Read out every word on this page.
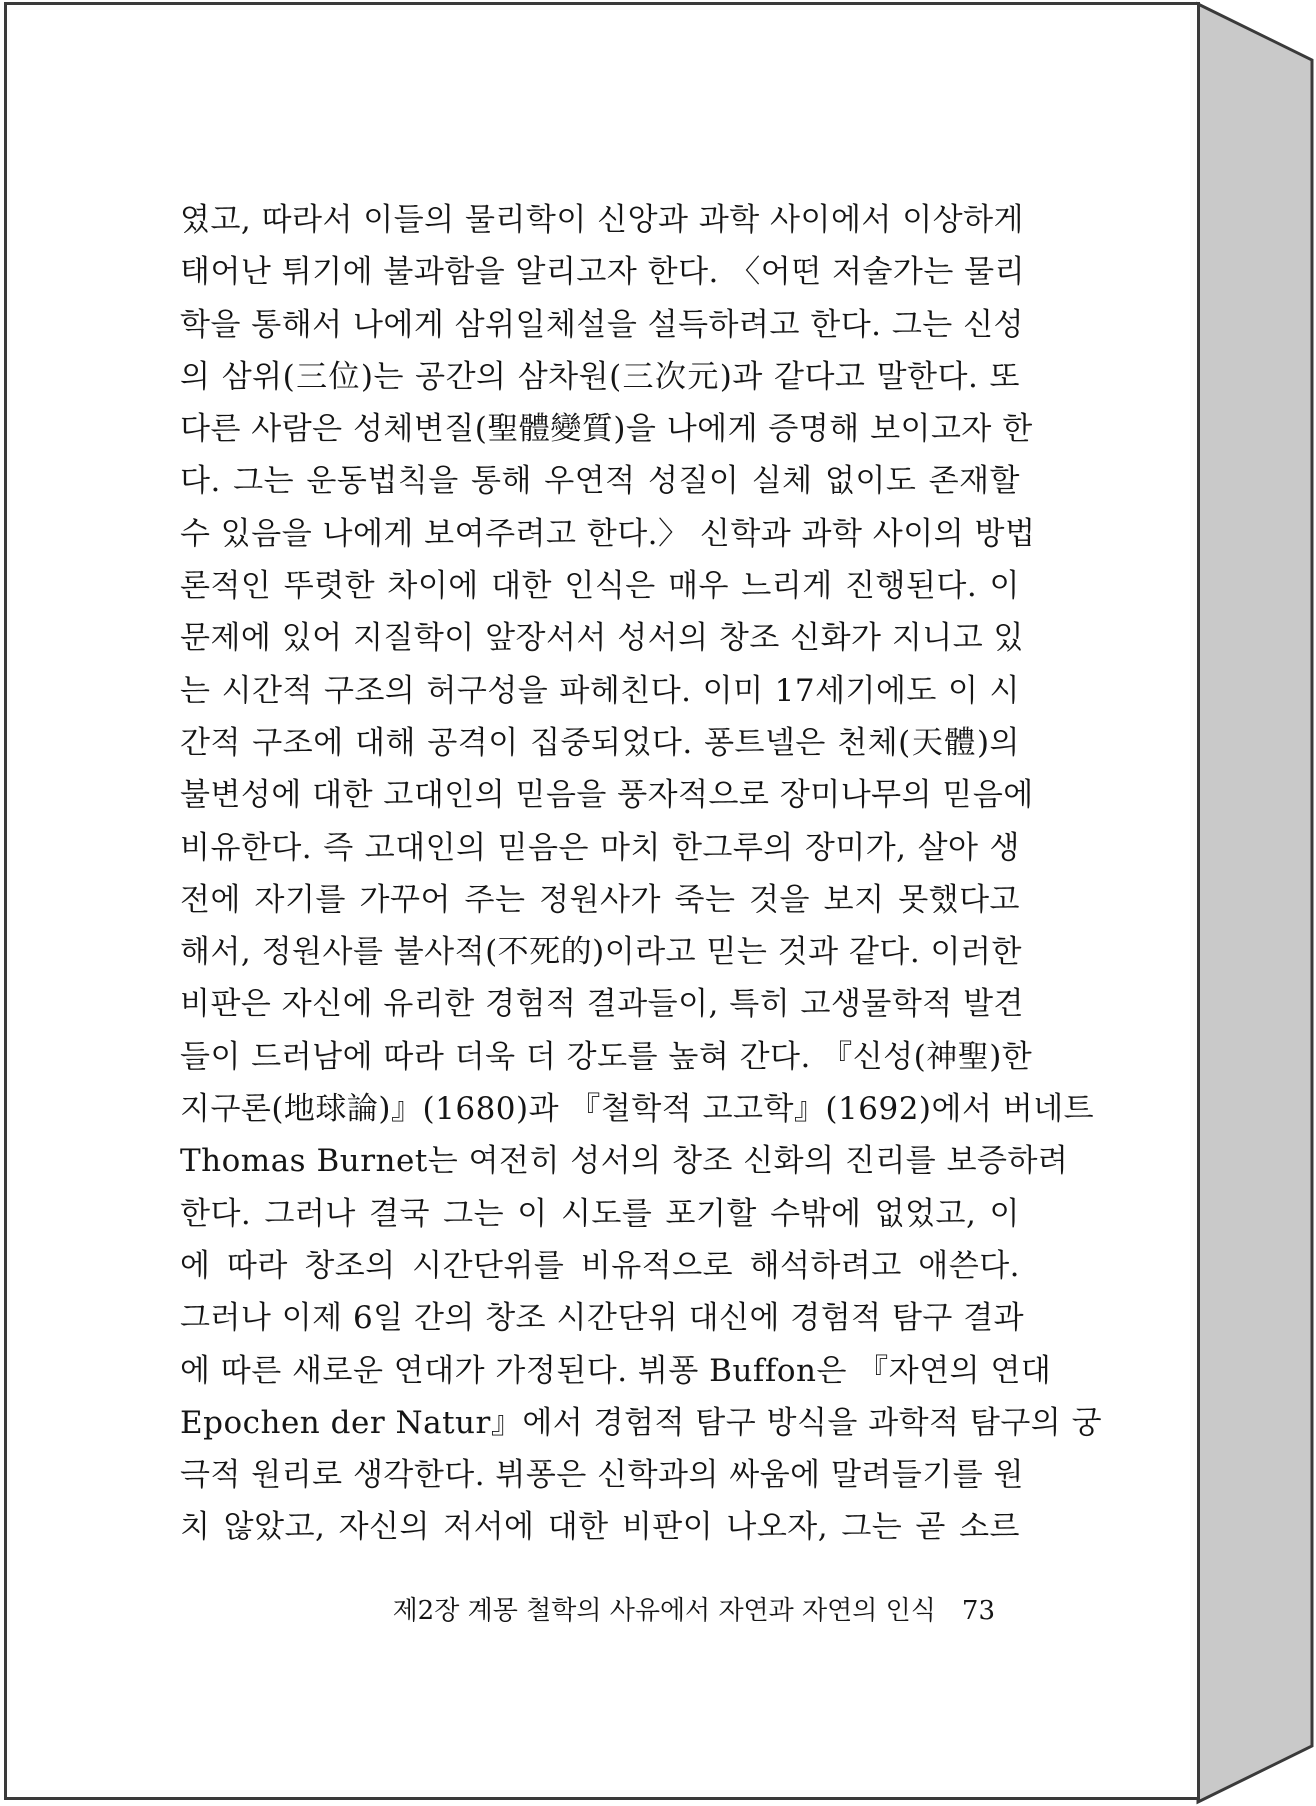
였고, 따라서 이들의 물리학이 신앙과 과학 사이에서 이상하게
태어난 튀기에 불과함을 알리고자 한다. 〈어떤 저술가는 물리
학을 통해서 나에게 삼위일체설을 설득하려고 한다. 그는 신성
의 삼위(三位)는 공간의 삼차원(三次元)과 같다고 말한다. 또
다른 사람은 성체변질(聖體變質)을 나에게 증명해 보이고자 한
다. 그는 운동법칙을 통해 우연적 성질이 실체 없이도 존재할
수 있음을 나에게 보여주려고 한다.〉 신학과 과학 사이의 방법
론적인 뚜렷한 차이에 대한 인식은 매우 느리게 진행된다. 이
문제에 있어 지질학이 앞장서서 성서의 창조 신화가 지니고 있
는 시간적 구조의 허구성을 파헤친다. 이미 17세기에도 이 시
간적 구조에 대해 공격이 집중되었다. 퐁트넬은 천체(天體)의
불변성에 대한 고대인의 믿음을 풍자적으로 장미나무의 믿음에
비유한다. 즉 고대인의 믿음은 마치 한그루의 장미가, 살아 생
전에 자기를 가꾸어 주는 정원사가 죽는 것을 보지 못했다고
해서, 정원사를 불사적(不死的)이라고 믿는 것과 같다. 이러한
비판은 자신에 유리한 경험적 결과들이, 특히 고생물학적 발견
들이 드러남에 따라 더욱 더 강도를 높혀 간다. 『신성(神聖)한
지구론(地球論)』(1680)과 『철학적 고고학』(1692)에서 버네트
Thomas Burnet는 여전히 성서의 창조 신화의 진리를 보증하려
한다. 그러나 결국 그는 이 시도를 포기할 수밖에 없었고, 이
에 따라 창조의 시간단위를 비유적으로 해석하려고 애쓴다.
그러나 이제 6일 간의 창조 시간단위 대신에 경험적 탐구 결과
에 따른 새로운 연대가 가정된다. 뷔퐁 Buffon은 『자연의 연대
Epochen der Natur』에서 경험적 탐구 방식을 과학적 탐구의 궁
극적 원리로 생각한다. 뷔퐁은 신학과의 싸움에 말려들기를 원
치 않았고, 자신의 저서에 대한 비판이 나오자, 그는 곧 소르
제2장 계몽 철학의 사유에서 자연과 자연의 인식 73
